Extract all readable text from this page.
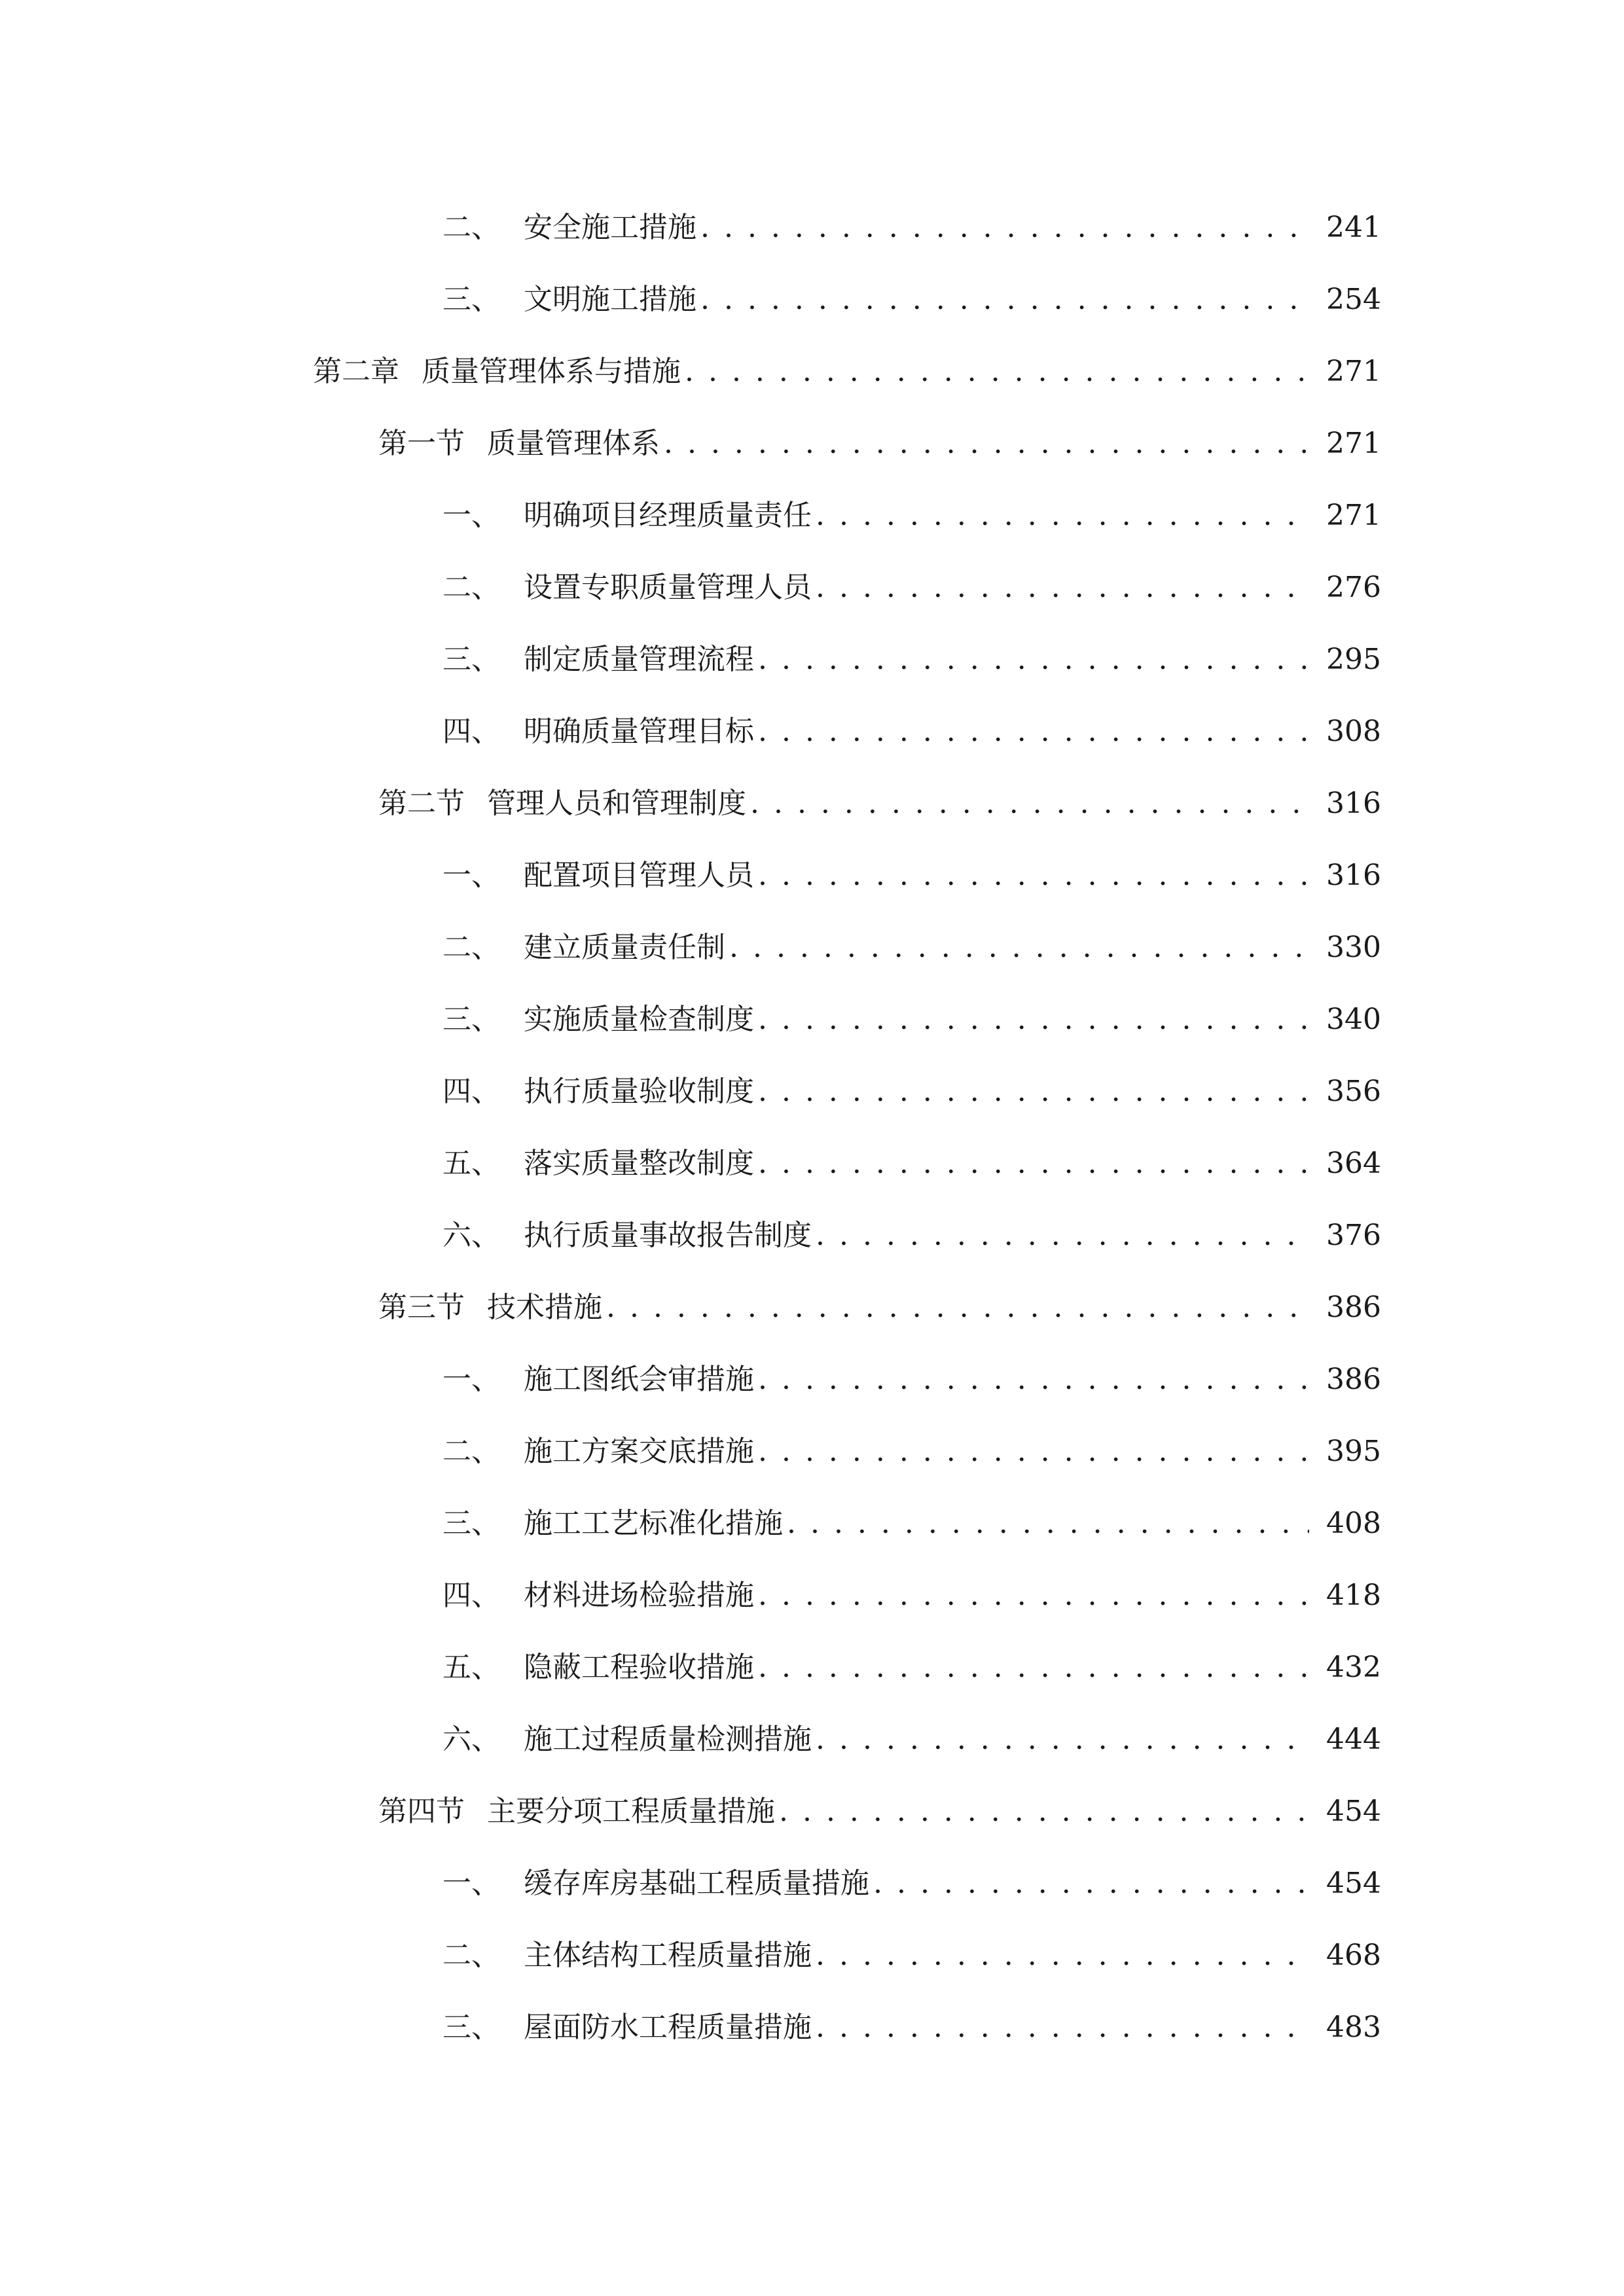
二、 安全施工措施 . . .	241
三、 文明施工措施 . . .	254
第二章 质量管理体系与措施 . . .	271
第一节 质量管理体系 . . .	271
一、 明确项目经理质量责任 . . .	271
二、 设置专职质量管理人员 . . .	276
三、 制定质量管理流程 . . .	295
四、 明确质量管理目标 . . .	308
第二节 管理人员和管理制度 . . .	316
一、 配置项目管理人员 . . .	316
二、 建立质量责任制 . . .	330
三、 实施质量检查制度 . . .	340
四、 执行质量验收制度 . . .	356
五、 落实质量整改制度 . . .	364
六、 执行质量事故报告制度 . . .	376
第三节 技术措施 . . .	386
一、 施工图纸会审措施 . . .	386
二、 施工方案交底措施 . . .	395
三、 施工工艺标准化措施 . . .	408
四、 材料进场检验措施 . . .	418
五、 隐蔽工程验收措施 . . .	432
六、 施工过程质量检测措施 . . .	444
第四节 主要分项工程质量措施 . . .	454
一、 缓存库房基础工程质量措施 . . .	454
二、 主体结构工程质量措施 . . .	468
三、 屋面防水工程质量措施 . . .	483
